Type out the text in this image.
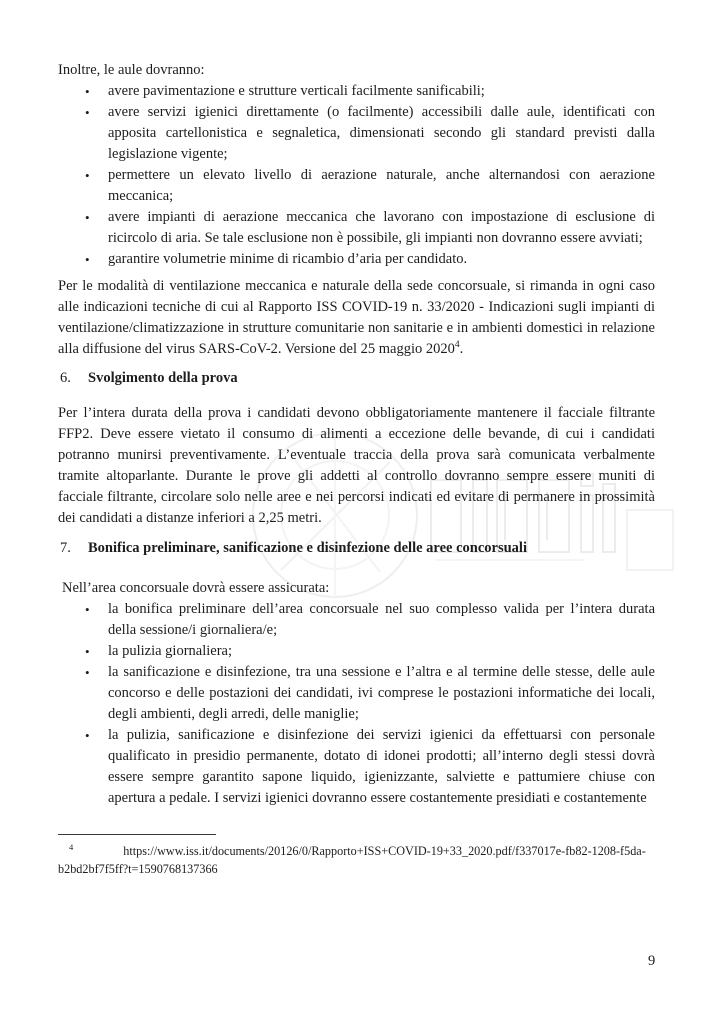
Inoltre, le aule dovranno:

• avere pavimentazione e strutture verticali facilmente sanificabili;
• avere servizi igienici direttamente (o facilmente) accessibili dalle aule, identificati con apposita cartellonistica e segnaletica, dimensionati secondo gli standard previsti dalla legislazione vigente;
• permettere un elevato livello di aerazione naturale, anche alternandosi con aerazione meccanica;
• avere impianti di aerazione meccanica che lavorano con impostazione di esclusione di ricircolo di aria. Se tale esclusione non è possibile, gli impianti non dovranno essere avviati;
• garantire volumetrie minime di ricambio d’aria per candidato.

Per le modalità di ventilazione meccanica e naturale della sede concorsuale, si rimanda in ogni caso alle indicazioni tecniche di cui al Rapporto ISS COVID-19 n. 33/2020 - Indicazioni sugli impianti di ventilazione/climatizzazione in strutture comunitarie non sanitarie e in ambienti domestici in relazione alla diffusione del virus SARS-CoV-2. Versione del 25 maggio 2020$^4$.

6. Svolgimento della prova

Per l’intera durata della prova i candidati devono obbligatoriamente mantenere il facciale filtrante FFP2. Deve essere vietato il consumo di alimenti a eccezione delle bevande, di cui i candidati potranno munirsi preventivamente. L’eventuale traccia della prova sarà comunicata verbalmente tramite altoparlante. Durante le prove gli addetti al controllo dovranno sempre essere muniti di facciale filtrante, circolare solo nelle aree e nei percorsi indicati ed evitare di permanere in prossimità dei candidati a distanze inferiori a 2,25 metri.

7. Bonifica preliminare, sanificazione e disinfezione delle aree concorsuali

Nell’area concorsuale dovrà essere assicurata:

• la bonifica preliminare dell’area concorsuale nel suo complesso valida per l’intera durata della sessione/i giornaliera/e;
• la pulizia giornaliera;
• la sanificazione e disinfezione, tra una sessione e l’altra e al termine delle stesse, delle aule concorso e delle postazioni dei candidati, ivi comprese le postazioni informatiche dei locali, degli ambienti, degli arredi, delle maniglie;
• la pulizia, sanificazione e disinfezione dei servizi igienici da effettuarsi con personale qualificato in presidio permanente, dotato di idonei prodotti; all’interno degli stessi dovrà essere sempre garantito sapone liquido, igienizzante, salviette e pattumiere chiuse con apertura a pedale. I servizi igienici dovranno essere costantemente presidiati e costantemente
$^4$	https://www.iss.it/documents/20126/0/Rapporto+ISS+COVID-19+33_2020.pdf/f337017e-fb82-1208-f5da-
b2bd2bf7f5ff?t=1590768137366
9
